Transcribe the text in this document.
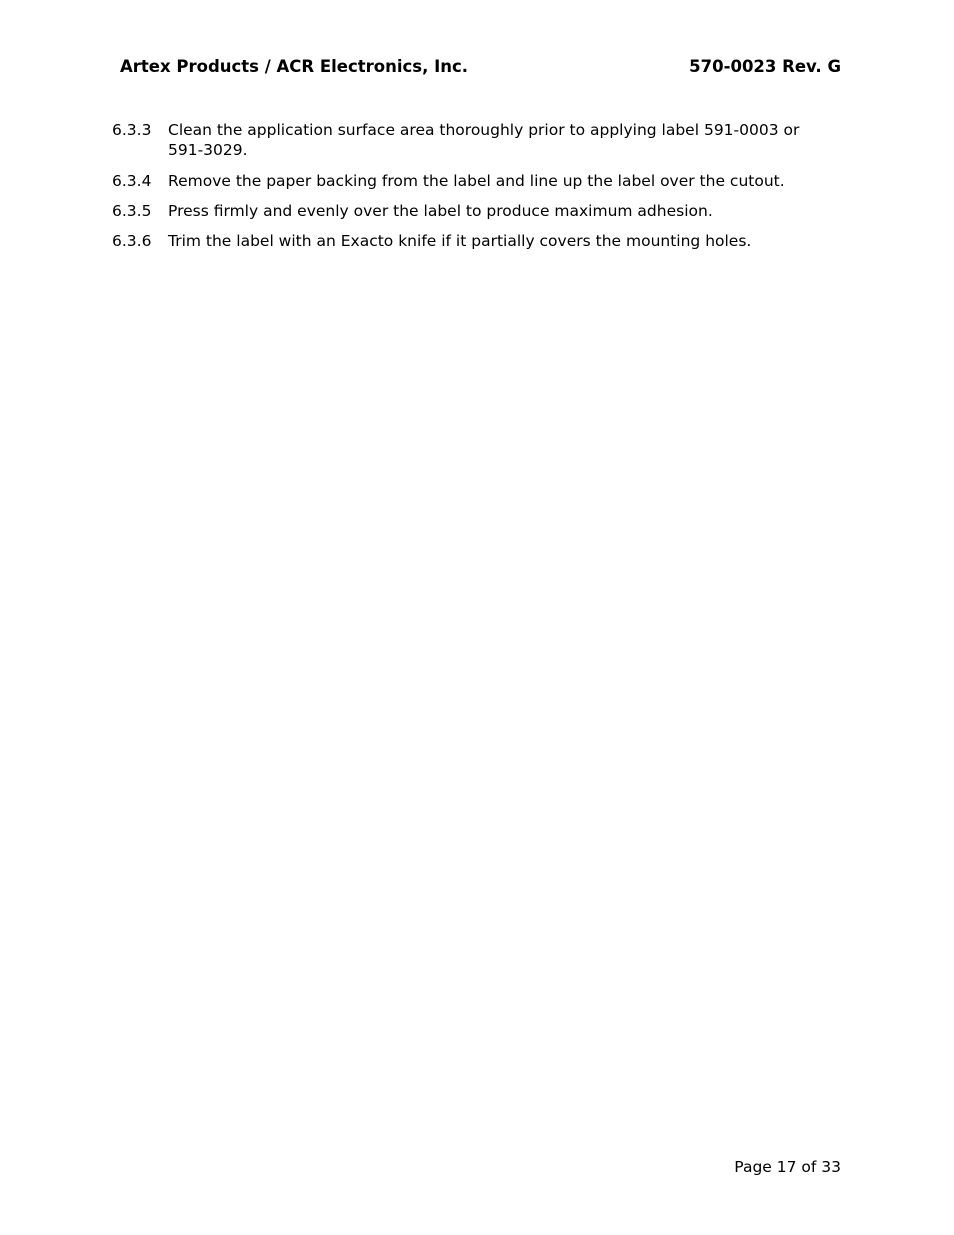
Artex Products / ACR Electronics, Inc.	570-0023 Rev. G
6.3.3	Clean the application surface area thoroughly prior to applying label 591-0003 or 591-3029.
6.3.4	Remove the paper backing from the label and line up the label over the cutout.
6.3.5	Press firmly and evenly over the label to produce maximum adhesion.
6.3.6	Trim the label with an Exacto knife if it partially covers the mounting holes.
Page 17 of 33
